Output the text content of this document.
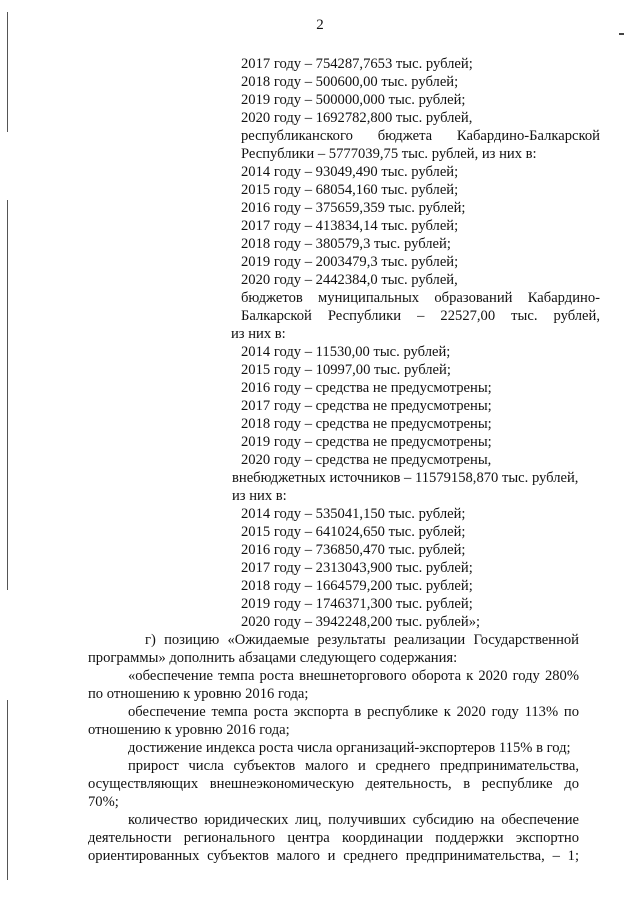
2
2017 году – 754287,7653 тыс. рублей;
2018 году – 500600,00 тыс. рублей;
2019 году – 500000,000 тыс. рублей;
2020 году – 1692782,800 тыс. рублей,
республиканского бюджета Кабардино-Балкарской
Республики – 5777039,75 тыс. рублей, из них в:
2014 году – 93049,490 тыс. рублей;
2015 году – 68054,160 тыс. рублей;
2016 году – 375659,359 тыс. рублей;
2017 году – 413834,14 тыс. рублей;
2018 году – 380579,3 тыс. рублей;
2019 году – 2003479,3 тыс. рублей;
2020 году – 2442384,0 тыс. рублей,
бюджетов муниципальных образований Кабардино-
Балкарской Республики – 22527,00 тыс. рублей,
из них в:
2014 году – 11530,00 тыс. рублей;
2015 году – 10997,00 тыс. рублей;
2016 году – средства не предусмотрены;
2017 году – средства не предусмотрены;
2018 году – средства не предусмотрены;
2019 году – средства не предусмотрены;
2020 году – средства не предусмотрены,
внебюджетных источников – 11579158,870 тыс. рублей,
из них в:
2014 году – 535041,150 тыс. рублей;
2015 году – 641024,650 тыс. рублей;
2016 году – 736850,470 тыс. рублей;
2017 году – 2313043,900 тыс. рублей;
2018 году – 1664579,200 тыс. рублей;
2019 году – 1746371,300 тыс. рублей;
2020 году – 3942248,200 тыс. рублей»;
г) позицию «Ожидаемые результаты реализации Государственной
программы» дополнить абзацами следующего содержания:
«обеспечение темпа роста внешнеторгового оборота к 2020 году 280%
по отношению к уровню 2016 года;
обеспечение темпа роста экспорта в республике к 2020 году 113% по
отношению к уровню 2016 года;
достижение индекса роста числа организаций-экспортеров 115% в год;
прирост числа субъектов малого и среднего предпринимательства,
осуществляющих внешнеэкономическую деятельность, в республике до
70%;
количество юридических лиц, получивших субсидию на обеспечение
деятельности регионального центра координации поддержки экспортно
ориентированных субъектов малого и среднего предпринимательства, – 1;
